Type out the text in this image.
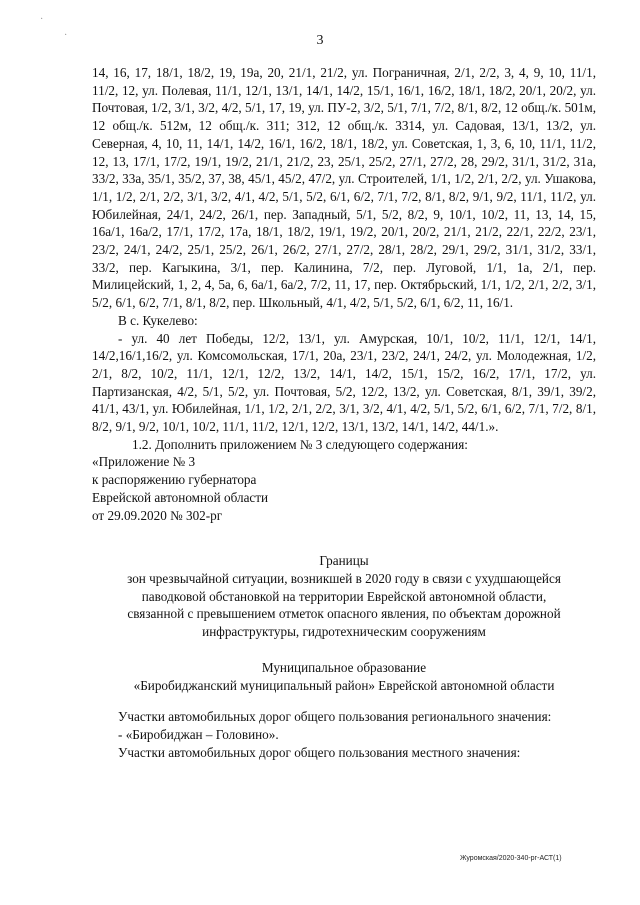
·
·	3

14, 16, 17, 18/1, 18/2, 19, 19а, 20, 21/1, 21/2, ул. Пограничная, 2/1, 2/2, 3, 4, 9, 10, 11/1, 11/2, 12, ул. Полевая, 11/1, 12/1, 13/1, 14/1, 14/2, 15/1, 16/1, 16/2, 18/1, 18/2, 20/1, 20/2, ул. Почтовая, 1/2, 3/1, 3/2, 4/2, 5/1, 17, 19, ул. ПУ-2, 3/2, 5/1, 7/1, 7/2, 8/1, 8/2, 12 общ./к. 501м, 12 общ./к. 512м, 12 общ./к. 311; 312, 12 общ./к. 3314, ул. Садовая, 13/1, 13/2, ул. Северная, 4, 10, 11, 14/1, 14/2, 16/1, 16/2, 18/1, 18/2, ул. Советская, 1, 3, 6, 10, 11/1, 11/2, 12, 13, 17/1, 17/2, 19/1, 19/2, 21/1, 21/2, 23, 25/1, 25/2, 27/1, 27/2, 28, 29/2, 31/1, 31/2, 31а, 33/2, 33а, 35/1, 35/2, 37, 38, 45/1, 45/2, 47/2, ул. Строителей, 1/1, 1/2, 2/1, 2/2, ул. Ушакова, 1/1, 1/2, 2/1, 2/2, 3/1, 3/2, 4/1, 4/2, 5/1, 5/2, 6/1, 6/2, 7/1, 7/2, 8/1, 8/2, 9/1, 9/2, 11/1, 11/2, ул. Юбилейная, 24/1, 24/2, 26/1, пер. Западный, 5/1, 5/2, 8/2, 9, 10/1, 10/2, 11, 13, 14, 15, 16а/1, 16а/2, 17/1, 17/2, 17а, 18/1, 18/2, 19/1, 19/2, 20/1, 20/2, 21/1, 21/2, 22/1, 22/2, 23/1, 23/2, 24/1, 24/2, 25/1, 25/2, 26/1, 26/2, 27/1, 27/2, 28/1, 28/2, 29/1, 29/2, 31/1, 31/2, 33/1, 33/2, пер. Кагыкина, 3/1, пер. Калинина, 7/2, пер. Луговой, 1/1, 1а, 2/1, пер. Милицейский, 1, 2, 4, 5а, 6, 6а/1, 6а/2, 7/2, 11, 17, пер. Октябрьский, 1/1, 1/2, 2/1, 2/2, 3/1, 5/2, 6/1, 6/2, 7/1, 8/1, 8/2, пер. Школьный, 4/1, 4/2, 5/1, 5/2, 6/1, 6/2, 11, 16/1.

В с. Кукелево:

- ул. 40 лет Победы, 12/2, 13/1, ул. Амурская, 10/1, 10/2, 11/1, 12/1, 14/1, 14/2,16/1,16/2, ул. Комсомольская, 17/1, 20а, 23/1, 23/2, 24/1, 24/2, ул. Молодежная, 1/2, 2/1, 8/2, 10/2, 11/1, 12/1, 12/2, 13/2, 14/1, 14/2, 15/1, 15/2, 16/2, 17/1, 17/2, ул. Партизанская, 4/2, 5/1, 5/2, ул. Почтовая, 5/2, 12/2, 13/2, ул. Советская, 8/1, 39/1, 39/2, 41/1, 43/1, ул. Юбилейная, 1/1, 1/2, 2/1, 2/2, 3/1, 3/2, 4/1, 4/2, 5/1, 5/2, 6/1, 6/2, 7/1, 7/2, 8/1, 8/2, 9/1, 9/2, 10/1, 10/2, 11/1, 11/2, 12/1, 12/2, 13/1, 13/2, 14/1, 14/2, 44/1.».

1.2. Дополнить приложением № 3 следующего содержания:

«Приложение № 3

к распоряжению губернатора

Еврейской автономной области

от 29.09.2020 № 302-рг

Границы

зон чрезвычайной ситуации, возникшей в 2020 году в связи с ухудшающейся

паводковой обстановкой на территории Еврейской автономной области,

связанной с превышением отметок опасного явления, по объектам дорожной

инфраструктуры, гидротехническим сооружениям

Муниципальное образование

«Биробиджанский муниципальный район» Еврейской автономной области

Участки автомобильных дорог общего пользования регионального значения:

- «Биробиджан – Головино».

Участки автомобильных дорог общего пользования местного значения:

Журомская/2020-340-рг-АСТ(1)
